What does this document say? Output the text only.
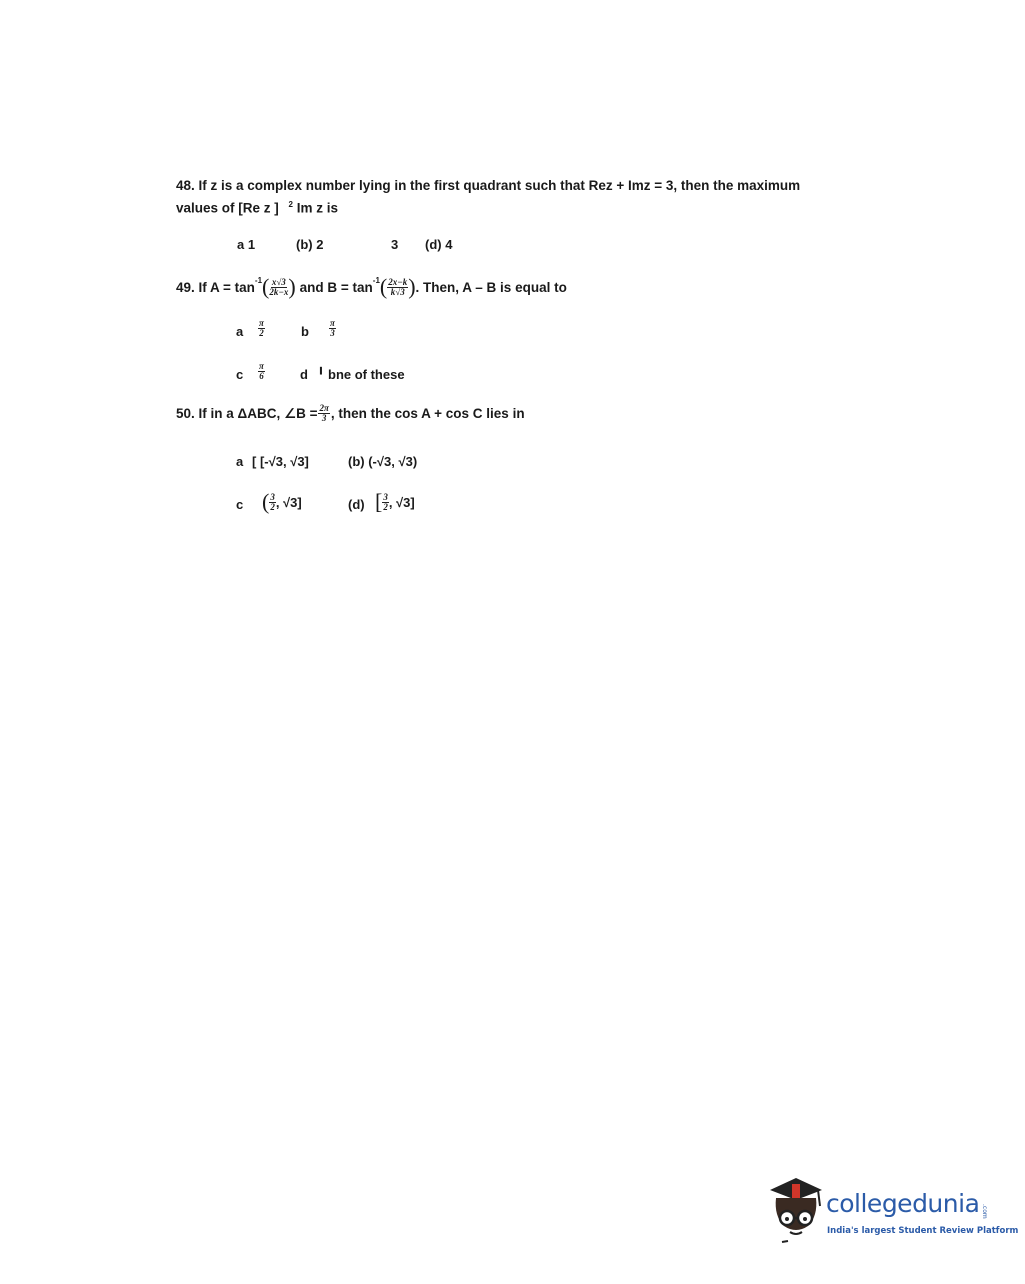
48. If z is a complex number lying in the first quadrant such that Rez + Imz = 3, then the maximum
values of [Re z ] $^2$ Im z is
a 1	(b) 2	3 (d) 4
49. If $A = \tan^{-1}$ ( $\frac{x√3}{2k-x}$ ) and $B = \tan^{-1}$ ( $\frac{2x-k}{k√3}$ ) . Then, A – B is equal to
a $\frac{\pi}{2}$	b $\frac{\pi}{3}$
c $\frac{\pi}{6}$	d ╹ bne of these
50. If in a ΔABC, ∠B = $\frac{2\pi}{3}$ , then the cos A + cos C lies in
a [ [-√3, √3]	(b) (-√3, √3)
c ( $\frac{3}{2}$ , √3]	(d) [ $\frac{3}{2}$ , √3]
collegedunia .com
India's largest Student Review Platform
